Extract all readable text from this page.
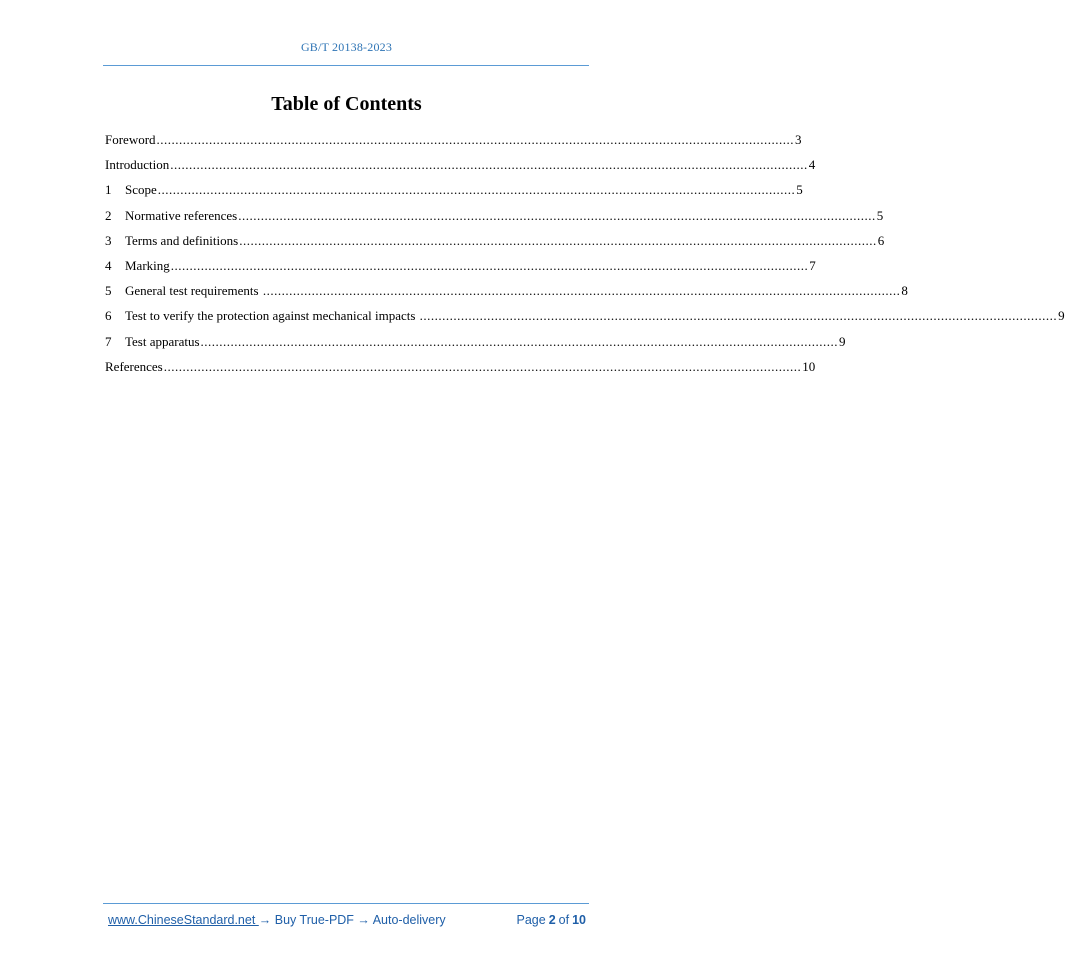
GB/T 20138-2023
Table of Contents
Foreword .......................................................................................................................................................................... 3
Introduction .......................................................................................................................................................................... 4
1	Scope .......................................................................................................................................................................... 5
2	Normative references .......................................................................................................................................................................... 5
3	Terms and definitions .......................................................................................................................................................................... 6
4	Marking .......................................................................................................................................................................... 7
5	General test requirements .......................................................................................................................................................................... 8
6	Test to verify the protection against mechanical impacts .......................................................................................................................................................................... 9
7	Test apparatus .......................................................................................................................................................................... 9
References .......................................................................................................................................................................... 10
www.ChineseStandard.net → Buy True-PDF → Auto-delivery	Page 2 of 10
